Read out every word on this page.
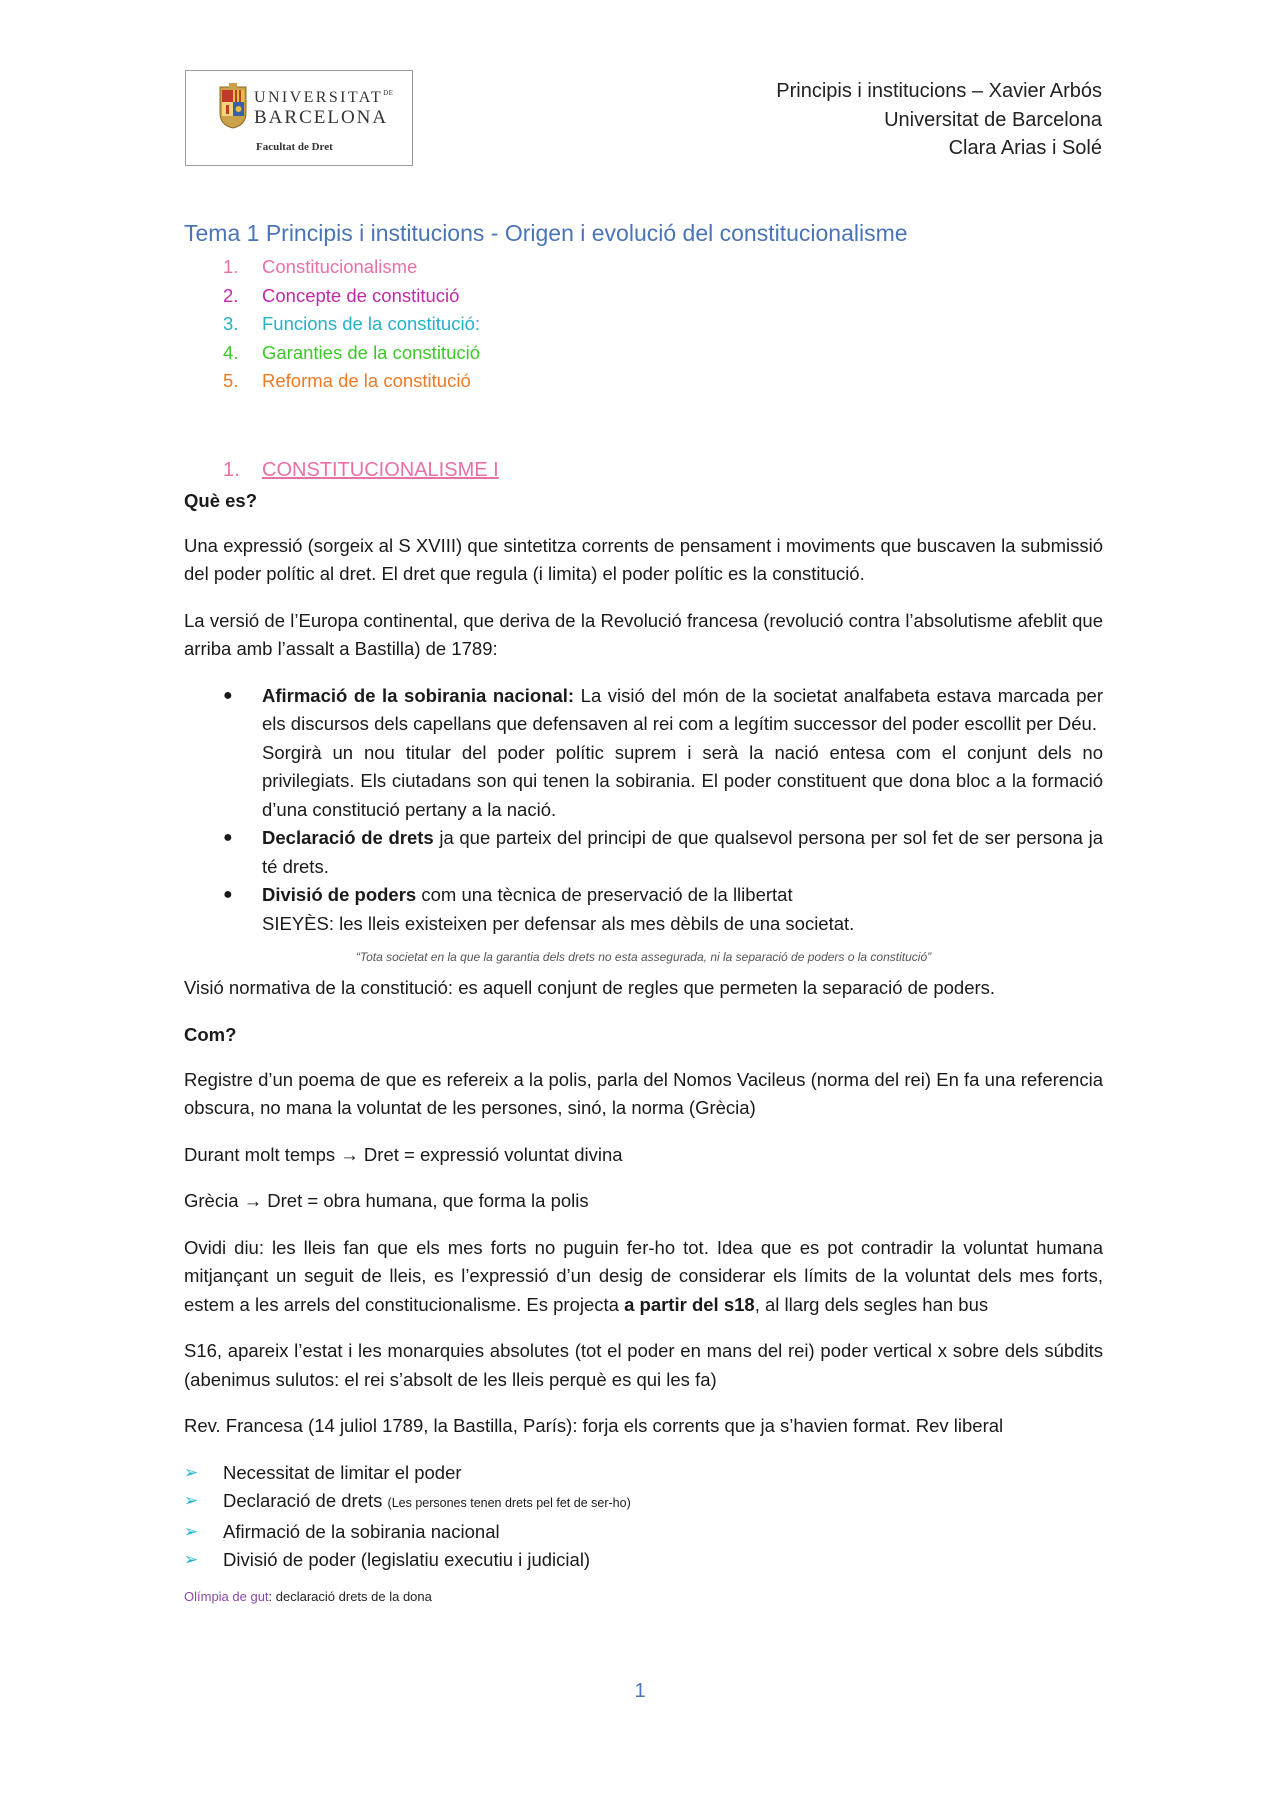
$UNIVERSITAT^{DE}$
BARCELONA
Facultat de Dret
Principis i institucions – Xavier Arbós
Universitat de Barcelona
Clara Arias i Solé
Tema 1 Principis i institucions - Origen i evolució del constitucionalisme
1. Constitucionalisme
2. Concepte de constitució
3. Funcions de la constitució:
4. Garanties de la constitució
5. Reforma de la constitució
1. CONSTITUCIONALISME I
Què es?

Una expressió (sorgeix al S XVIII) que sintetitza corrents de pensament i moviments que buscaven la submissió del poder polític al dret. El dret que regula (i limita) el poder polític es la constitució.

La versió de l’Europa continental, que deriva de la Revolució francesa (revolució contra l’absolutisme afeblit que arriba amb l’assalt a Bastilla) de 1789:

● Afirmació de la sobirania nacional: La visió del món de la societat analfabeta estava marcada per els discursos dels capellans que defensaven al rei com a legítim successor del poder escollit per Déu.
Sorgirà un nou titular del poder polític suprem i serà la nació entesa com el conjunt dels no privilegiats. Els ciutadans son qui tenen la sobirania. El poder constituent que dona bloc a la formació d’una constitució pertany a la nació.
● Declaració de drets ja que parteix del principi de que qualsevol persona per sol fet de ser persona ja té drets.
● Divisió de poders com una tècnica de preservació de la llibertat
SIEYÈS: les lleis existeixen per defensar als mes dèbils de una societat.
“Tota societat en la que la garantia dels drets no esta assegurada, ni la separació de poders o la constitució”

Visió normativa de la constitució: es aquell conjunt de regles que permeten la separació de poders.

Com?

Registre d’un poema de que es refereix a la polis, parla del Nomos Vacileus (norma del rei) En fa una referencia obscura, no mana la voluntat de les persones, sinó, la norma (Grècia)

Durant molt temps → Dret = expressió voluntat divina

Grècia → Dret = obra humana, que forma la polis

Ovidi diu: les lleis fan que els mes forts no puguin fer-ho tot. Idea que es pot contradir la voluntat humana mitjançant un seguit de lleis, es l’expressió d’un desig de considerar els límits de la voluntat dels mes forts, estem a les arrels del constitucionalisme. Es projecta a partir del s18, al llarg dels segles han bus

S16, apareix l’estat i les monarquies absolutes (tot el poder en mans del rei) poder vertical x sobre dels súbdits (abenimus sulutos: el rei s’absolt de les lleis perquè es qui les fa)

Rev. Francesa (14 juliol 1789, la Bastilla, París): forja els corrents que ja s’havien format. Rev liberal

➢ Necessitat de limitar el poder
➢ Declaració de drets (Les persones tenen drets pel fet de ser-ho)
➢ Afirmació de la sobirania nacional
➢ Divisió de poder (legislatiu executiu i judicial)
Olímpia de gut: declaració drets de la dona
1
